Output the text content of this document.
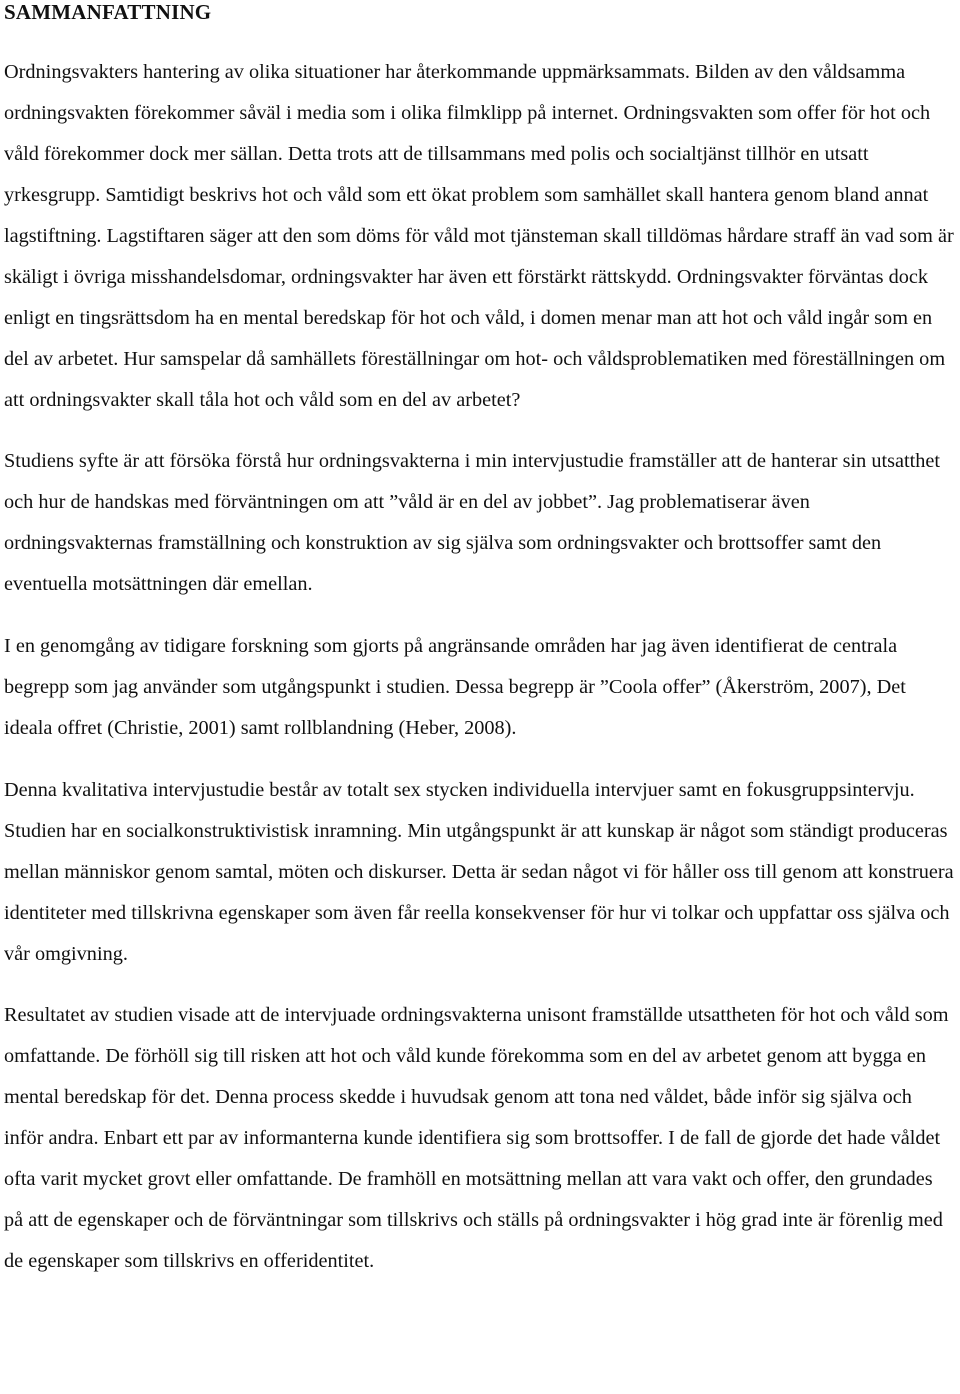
SAMMANFATTNING

Ordningsvakters hantering av olika situationer har återkommande uppmärksammats. Bilden av den våldsamma ordningsvakten förekommer såväl i media som i olika filmklipp på internet. Ordningsvakten som offer för hot och våld förekommer dock mer sällan. Detta trots att de tillsammans med polis och socialtjänst tillhör en utsatt yrkesgrupp. Samtidigt beskrivs hot och våld som ett ökat problem som samhället skall hantera genom bland annat lagstiftning. Lagstiftaren säger att den som döms för våld mot tjänsteman skall tilldömas hårdare straff än vad som är skäligt i övriga misshandelsdomar, ordningsvakter har även ett förstärkt rättskydd. Ordningsvakter förväntas dock enligt en tingsrättsdom ha en mental beredskap för hot och våld, i domen menar man att hot och våld ingår som en del av arbetet. Hur samspelar då samhällets föreställningar om hot- och våldsproblematiken med föreställningen om att ordningsvakter skall tåla hot och våld som en del av arbetet?

Studiens syfte är att försöka förstå hur ordningsvakterna i min intervjustudie framställer att de hanterar sin utsatthet och hur de handskas med förväntningen om att ”våld är en del av jobbet”. Jag problematiserar även ordningsvakternas framställning och konstruktion av sig själva som ordningsvakter och brottsoffer samt den eventuella motsättningen där emellan.

I en genomgång av tidigare forskning som gjorts på angränsande områden har jag även identifierat de centrala begrepp som jag använder som utgångspunkt i studien. Dessa begrepp är ”Coola offer” (Åkerström, 2007), Det ideala offret (Christie, 2001) samt rollblandning (Heber, 2008).

Denna kvalitativa intervjustudie består av totalt sex stycken individuella intervjuer samt en fokusgruppsintervju. Studien har en socialkonstruktivistisk inramning. Min utgångspunkt är att kunskap är något som ständigt produceras mellan människor genom samtal, möten och diskurser. Detta är sedan något vi för håller oss till genom att konstruera identiteter med tillskrivna egenskaper som även får reella konsekvenser för hur vi tolkar och uppfattar oss själva och vår omgivning.

Resultatet av studien visade att de intervjuade ordningsvakterna unisont framställde utsattheten för hot och våld som omfattande. De förhöll sig till risken att hot och våld kunde förekomma som en del av arbetet genom att bygga en mental beredskap för det. Denna process skedde i huvudsak genom att tona ned våldet, både inför sig själva och inför andra. Enbart ett par av informanterna kunde identifiera sig som brottsoffer. I de fall de gjorde det hade våldet ofta varit mycket grovt eller omfattande. De framhöll en motsättning mellan att vara vakt och offer, den grundades på att de egenskaper och de förväntningar som tillskrivs och ställs på ordningsvakter i hög grad inte är förenlig med de egenskaper som tillskrivs en offeridentitet.
